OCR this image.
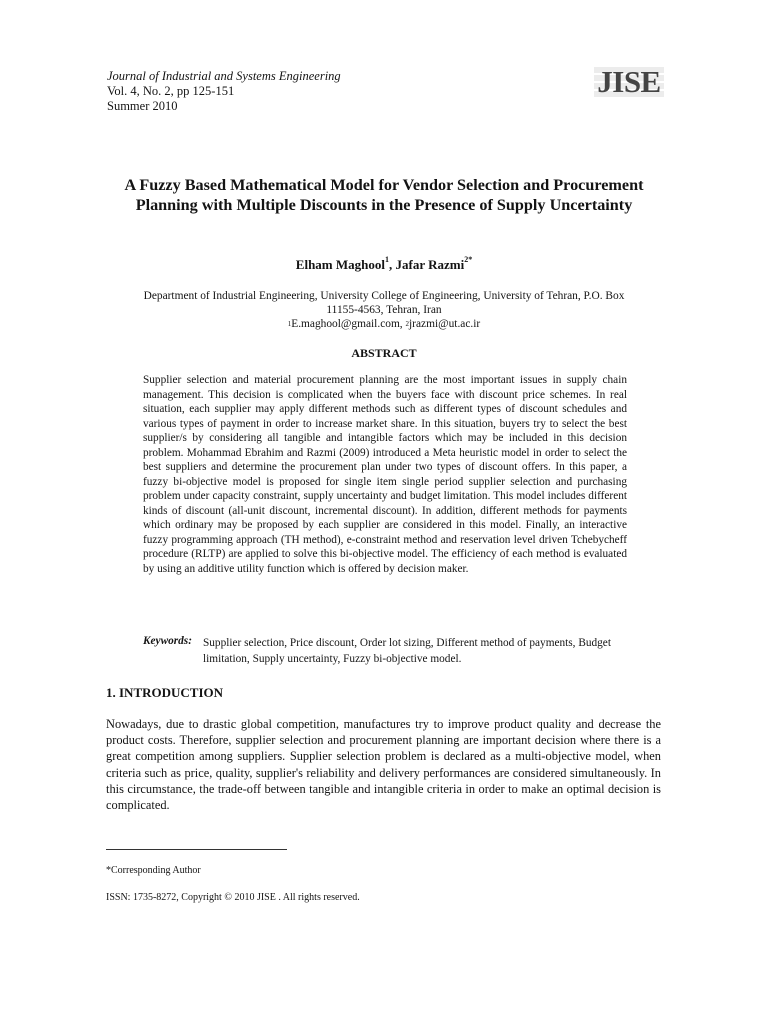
Journal of Industrial and Systems Engineering
Vol. 4, No. 2, pp 125-151
Summer 2010
JISE
A Fuzzy Based Mathematical Model for Vendor Selection and Procurement Planning with Multiple Discounts in the Presence of Supply Uncertainty
Elham Maghool$^1$, Jafar Razmi$^{2*}$
Department of Industrial Engineering, University College of Engineering, University of Tehran, P.O. Box
11155-4563, Tehran, Iran
$^1$E.maghool@gmail.com, $^2$jrazmi@ut.ac.ir
ABSTRACT
Supplier selection and material procurement planning are the most important issues in supply chain management. This decision is complicated when the buyers face with discount price schemes. In real situation, each supplier may apply different methods such as different types of discount schedules and various types of payment in order to increase market share. In this situation, buyers try to select the best supplier/s by considering all tangible and intangible factors which may be included in this decision problem. Mohammad Ebrahim and Razmi (2009) introduced a Meta heuristic model in order to select the best suppliers and determine the procurement plan under two types of discount offers. In this paper, a fuzzy bi-objective model is proposed for single item single period supplier selection and purchasing problem under capacity constraint, supply uncertainty and budget limitation. This model includes different kinds of discount (all-unit discount, incremental discount). In addition, different methods for payments which ordinary may be proposed by each supplier are considered in this model. Finally, an interactive fuzzy programming approach (TH method), e-constraint method and reservation level driven Tchebycheff procedure (RLTP) are applied to solve this bi-objective model. The efficiency of each method is evaluated by using an additive utility function which is offered by decision maker.
Keywords: Supplier selection, Price discount, Order lot sizing, Different method of payments, Budget limitation, Supply uncertainty, Fuzzy bi-objective model.
1. INTRODUCTION
Nowadays, due to drastic global competition, manufactures try to improve product quality and decrease the product costs. Therefore, supplier selection and procurement planning are important decision where there is a great competition among suppliers. Supplier selection problem is declared as a multi-objective model, when criteria such as price, quality, supplier's reliability and delivery performances are considered simultaneously. In this circumstance, the trade-off between tangible and intangible criteria in order to make an optimal decision is complicated.
*Corresponding Author
ISSN: 1735-8272, Copyright © 2010 JISE . All rights reserved.
